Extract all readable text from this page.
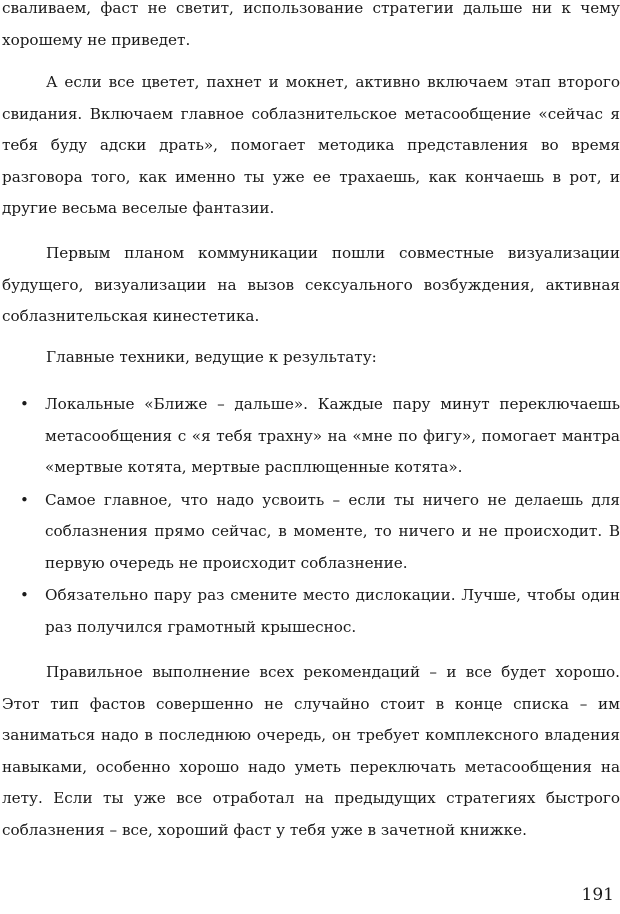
сваливаем, фаст не светит, использование стратегии дальше ни к чему хорошему не приведет.

А если все цветет, пахнет и мокнет, активно включаем этап второго свидания. Включаем главное соблазнительское метасообщение «сейчас я тебя буду адски драть», помогает методика представления во время разговора того, как именно ты уже ее трахаешь, как кончаешь в рот, и другие весьма веселые фантазии.

Первым планом коммуникации пошли совместные визуализации будущего, визуализации на вызов сексуального возбуждения, активная соблазнительская кинестетика.

Главные техники, ведущие к результату:

• Локальные «Ближе – дальше». Каждые пару минут переключаешь метасообщения с «я тебя трахну» на «мне по фигу», помогает мантра «мертвые котята, мертвые расплющенные котята».
• Самое главное, что надо усвоить – если ты ничего не делаешь для соблазнения прямо сейчас, в моменте, то ничего и не происходит. В первую очередь не происходит соблазнение.
• Обязательно пару раз смените место дислокации. Лучше, чтобы один раз получился грамотный крышеснос.

Правильное выполнение всех рекомендаций – и все будет хорошо. Этот тип фастов совершенно не случайно стоит в конце списка – им заниматься надо в последнюю очередь, он требует комплексного владения навыками, особенно хорошо надо уметь переключать метасообщения на лету. Если ты уже все отработал на предыдущих стратегиях быстрого соблазнения – все, хороший фаст у тебя уже в зачетной книжке.

191
